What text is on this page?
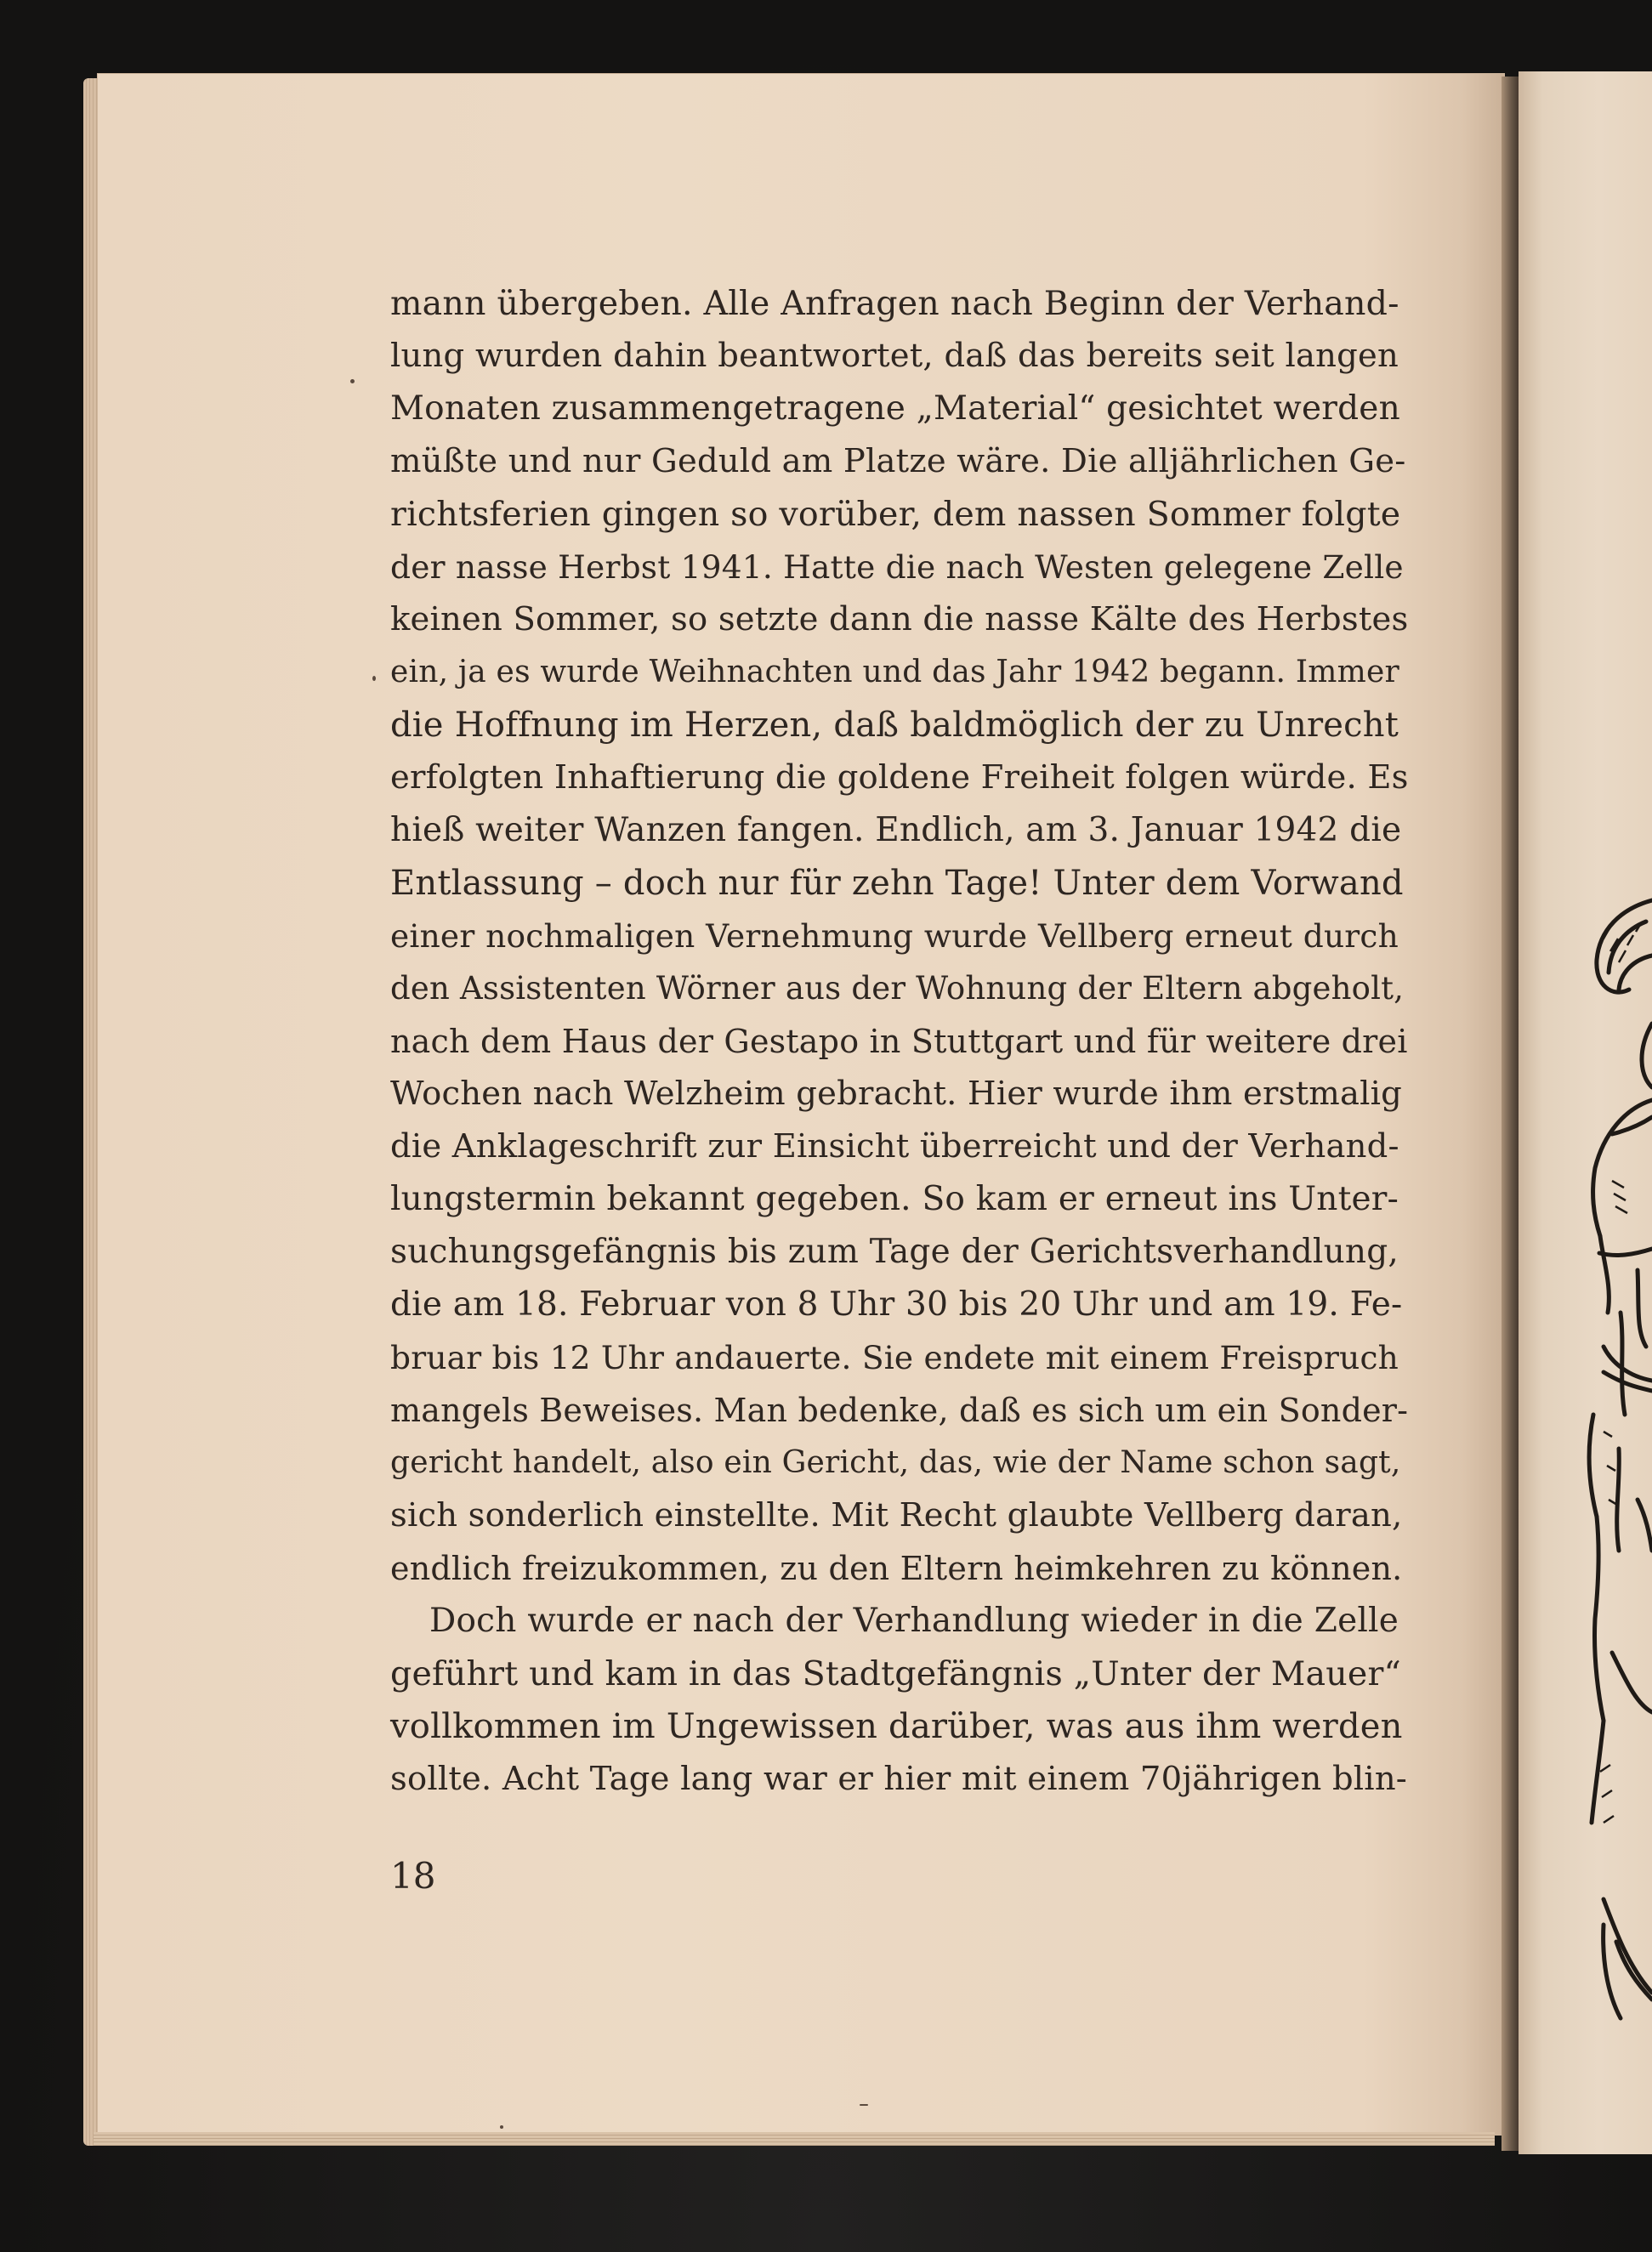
mann übergeben. Alle Anfragen nach Beginn der Verhand-
lung wurden dahin beantwortet, daß das bereits seit langen
Monaten zusammengetragene „Material“ gesichtet werden
müßte und nur Geduld am Platze wäre. Die alljährlichen Ge-
richtsferien gingen so vorüber, dem nassen Sommer folgte
der nasse Herbst 1941. Hatte die nach Westen gelegene Zelle
keinen Sommer, so setzte dann die nasse Kälte des Herbstes
ein, ja es wurde Weihnachten und das Jahr 1942 begann. Immer
die Hoffnung im Herzen, daß baldmöglich der zu Unrecht
erfolgten Inhaftierung die goldene Freiheit folgen würde. Es
hieß weiter Wanzen fangen. Endlich, am 3. Januar 1942 die
Entlassung – doch nur für zehn Tage! Unter dem Vorwand
einer nochmaligen Vernehmung wurde Vellberg erneut durch
den Assistenten Wörner aus der Wohnung der Eltern abgeholt,
nach dem Haus der Gestapo in Stuttgart und für weitere drei
Wochen nach Welzheim gebracht. Hier wurde ihm erstmalig
die Anklageschrift zur Einsicht überreicht und der Verhand-
lungstermin bekannt gegeben. So kam er erneut ins Unter-
suchungsgefängnis bis zum Tage der Gerichtsverhandlung,
die am 18. Februar von 8 Uhr 30 bis 20 Uhr und am 19. Fe-
bruar bis 12 Uhr andauerte. Sie endete mit einem Freispruch
mangels Beweises. Man bedenke, daß es sich um ein Sonder-
gericht handelt, also ein Gericht, das, wie der Name schon sagt,
sich sonderlich einstellte. Mit Recht glaubte Vellberg daran,
endlich freizukommen, zu den Eltern heimkehren zu können.
Doch wurde er nach der Verhandlung wieder in die Zelle
geführt und kam in das Stadtgefängnis „Unter der Mauer“
vollkommen im Ungewissen darüber, was aus ihm werden
sollte. Acht Tage lang war er hier mit einem 70jährigen blin-
18
